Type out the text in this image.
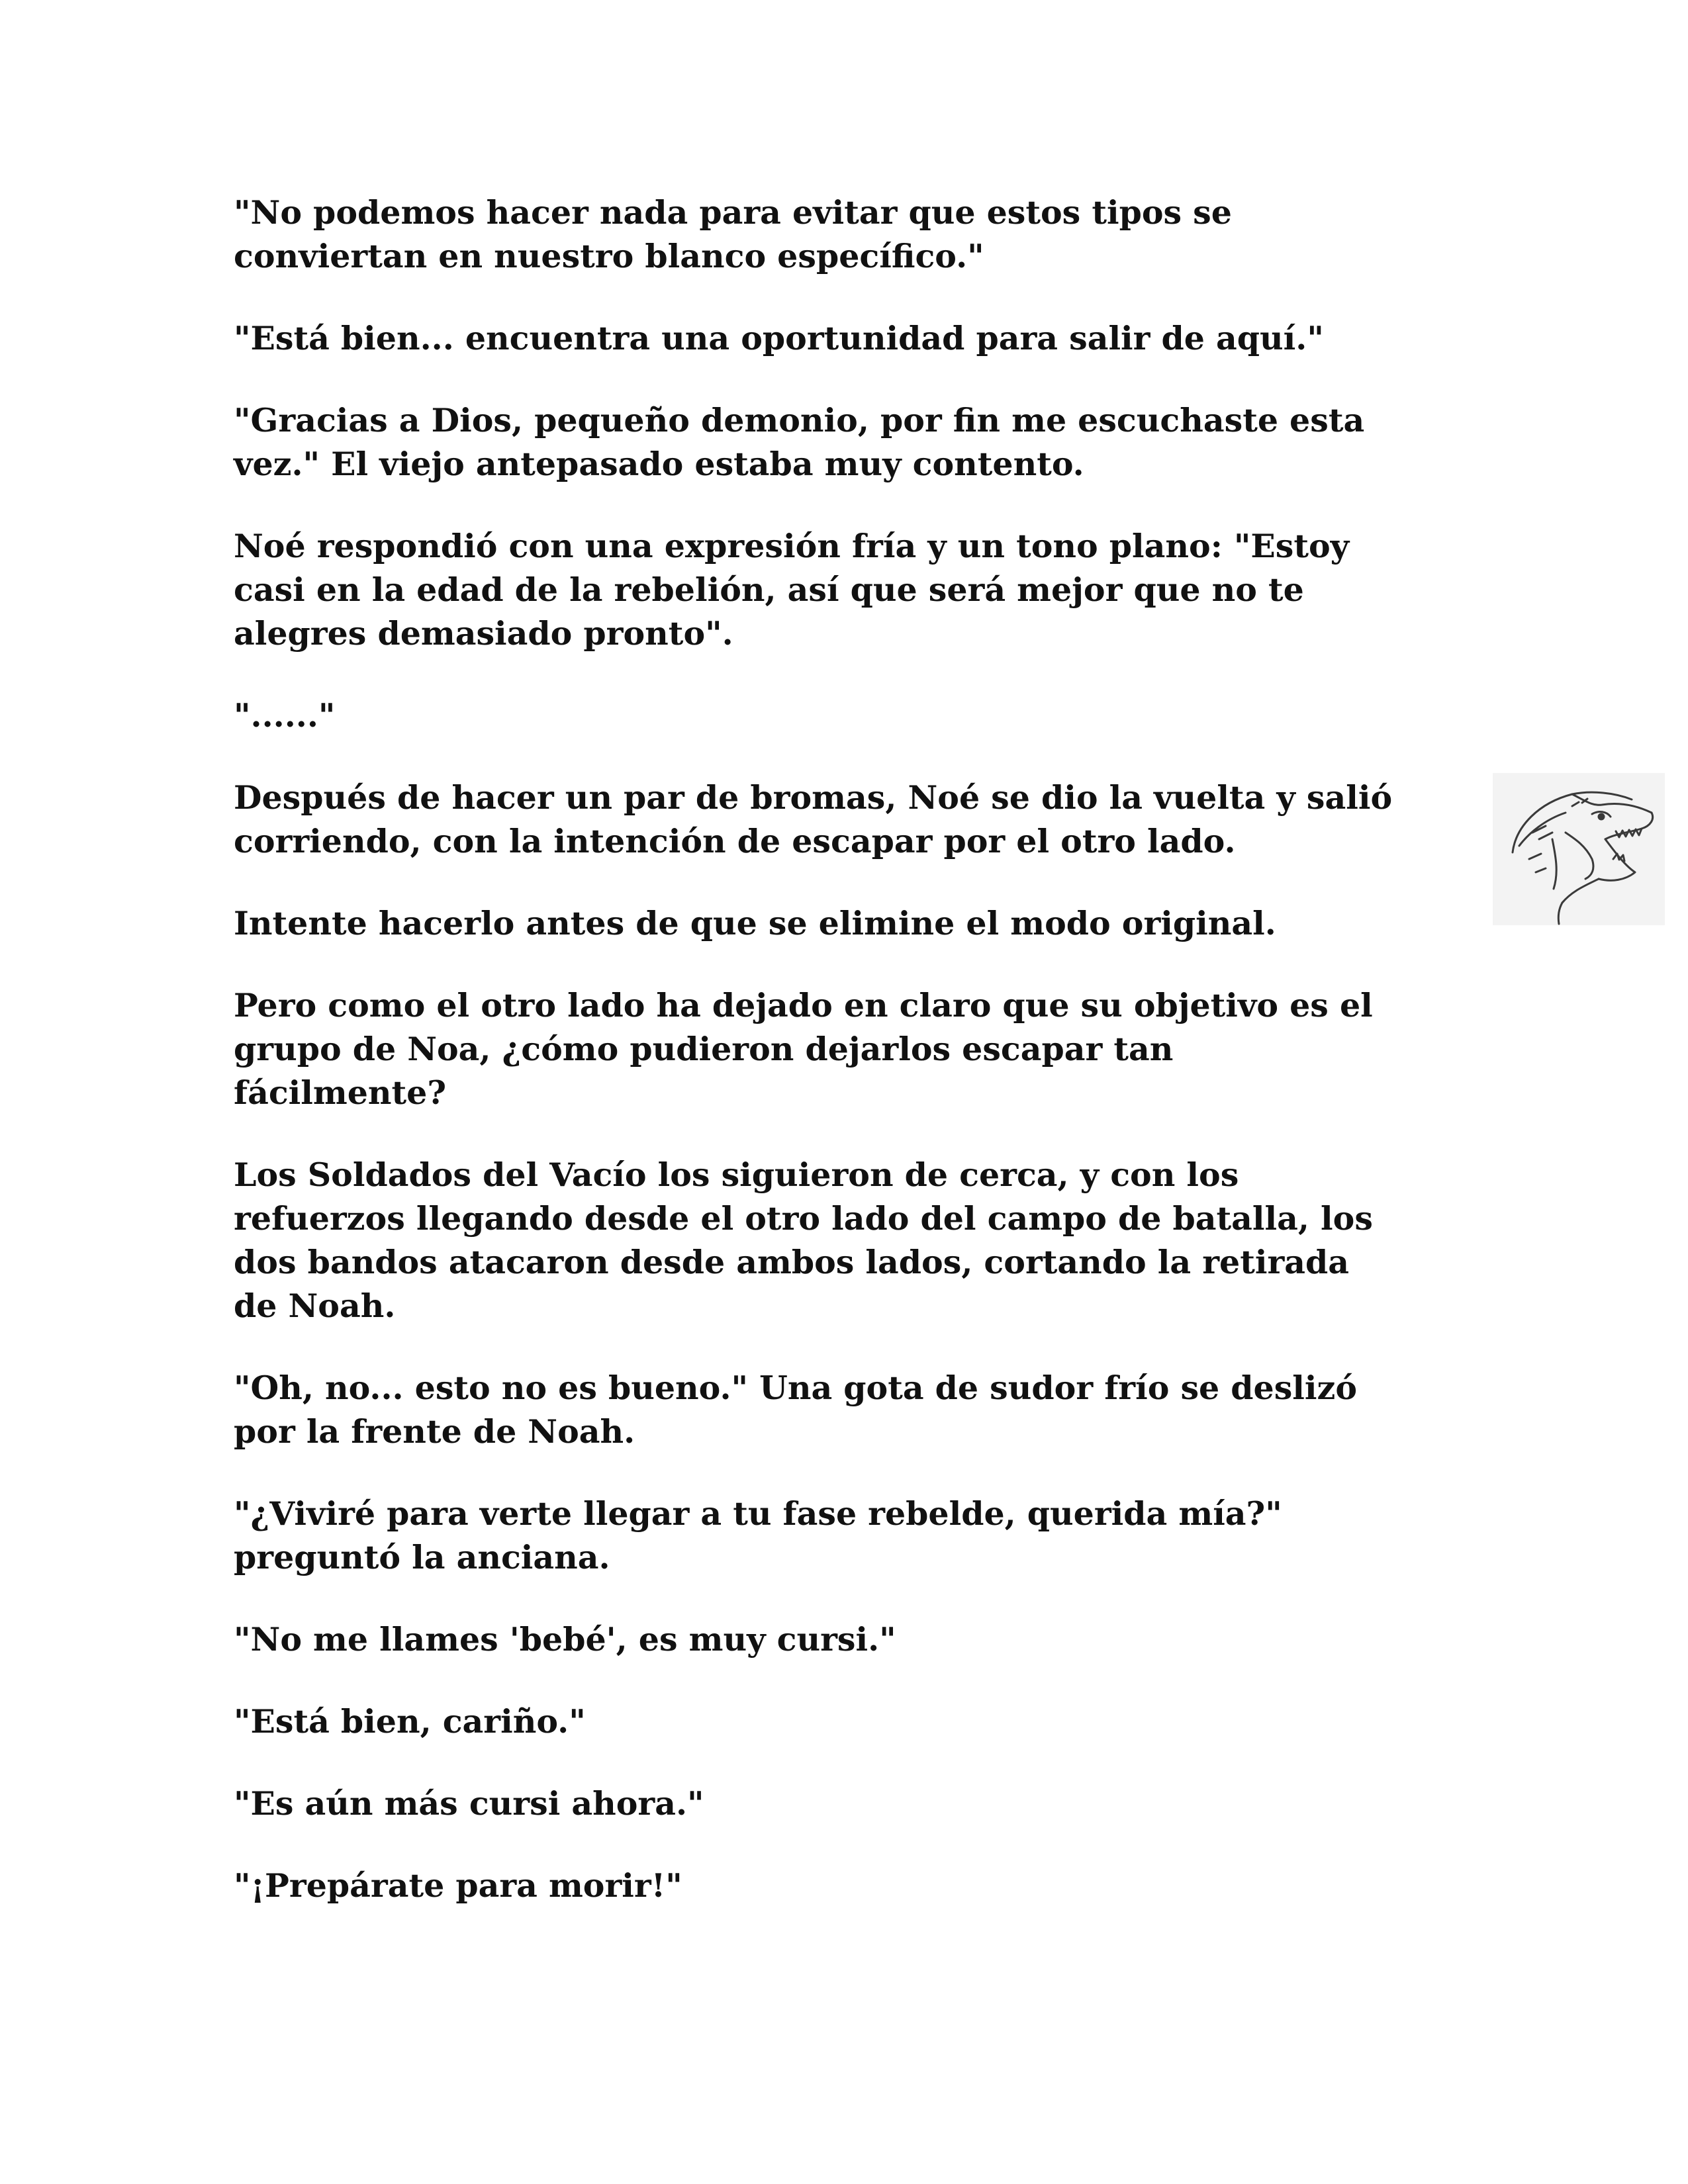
"No podemos hacer nada para evitar que estos tipos se
conviertan en nuestro blanco específico."

"Está bien... encuentra una oportunidad para salir de aquí."

"Gracias a Dios, pequeño demonio, por fin me escuchaste esta
vez." El viejo antepasado estaba muy contento.

Noé respondió con una expresión fría y un tono plano: "Estoy
casi en la edad de la rebelión, así que será mejor que no te
alegres demasiado pronto".

"......"

Después de hacer un par de bromas, Noé se dio la vuelta y salió
corriendo, con la intención de escapar por el otro lado.

Intente hacerlo antes de que se elimine el modo original.

Pero como el otro lado ha dejado en claro que su objetivo es el
grupo de Noa, ¿cómo pudieron dejarlos escapar tan
fácilmente?

Los Soldados del Vacío los siguieron de cerca, y con los
refuerzos llegando desde el otro lado del campo de batalla, los
dos bandos atacaron desde ambos lados, cortando la retirada
de Noah.

"Oh, no... esto no es bueno." Una gota de sudor frío se deslizó
por la frente de Noah.

"¿Viviré para verte llegar a tu fase rebelde, querida mía?"
preguntó la anciana.

"No me llames 'bebé', es muy cursi."

"Está bien, cariño."

"Es aún más cursi ahora."

"¡Prepárate para morir!"
